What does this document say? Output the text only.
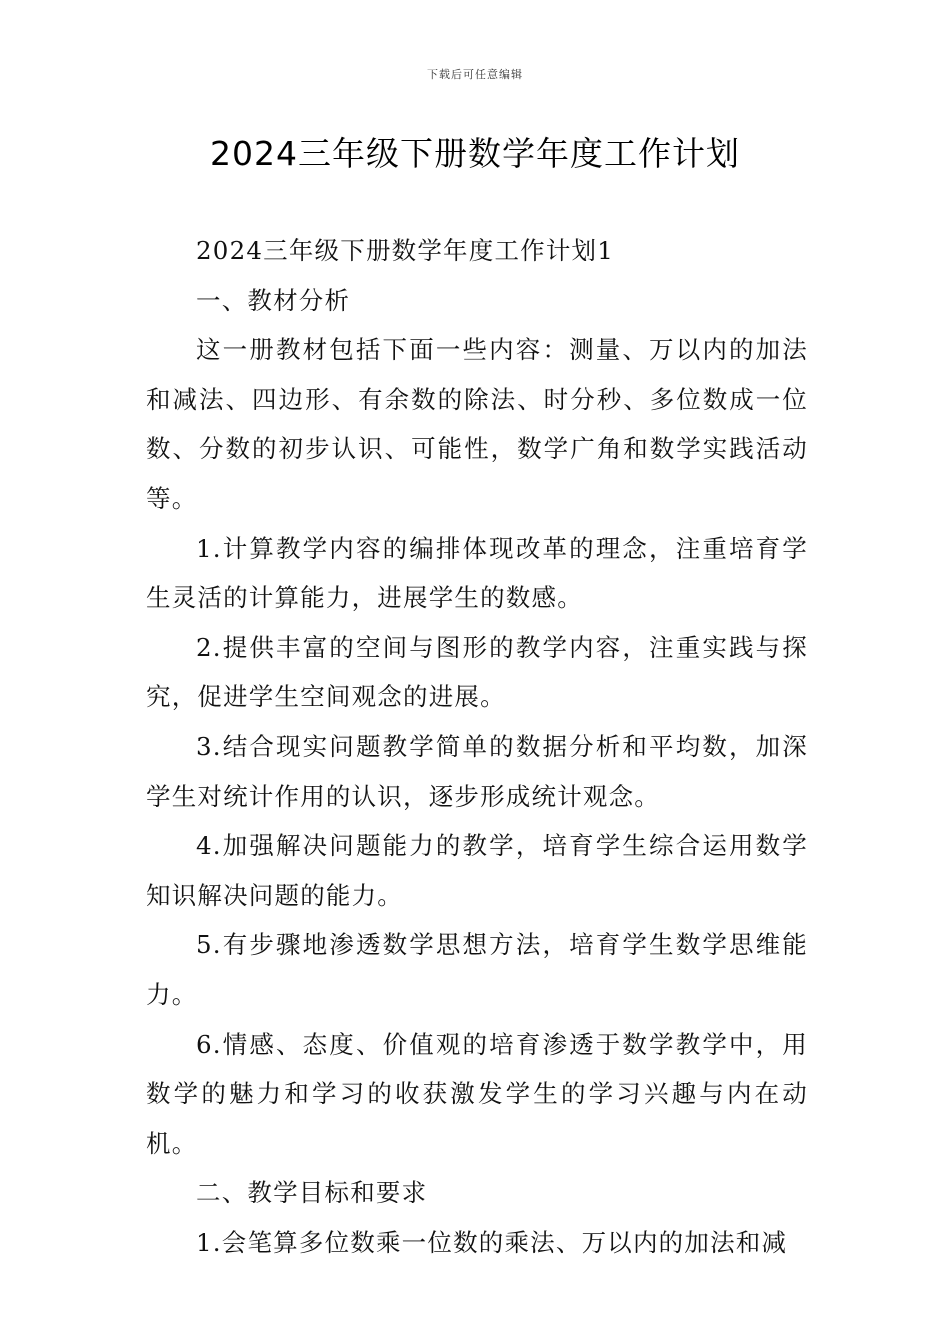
下载后可任意编辑
2024三年级下册数学年度工作计划

2024三年级下册数学年度工作计划1

一、教材分析

这一册教材包括下面一些内容：测量、万以内的加法和减法、四边形、有余数的除法、时分秒、多位数成一位数、分数的初步认识、可能性，数学广角和数学实践活动等。

1.计算教学内容的编排体现改革的理念，注重培育学生灵活的计算能力，进展学生的数感。

2.提供丰富的空间与图形的教学内容，注重实践与探究，促进学生空间观念的进展。

3.结合现实问题教学简单的数据分析和平均数，加深学生对统计作用的认识，逐步形成统计观念。

4.加强解决问题能力的教学，培育学生综合运用数学知识解决问题的能力。

5.有步骤地渗透数学思想方法，培育学生数学思维能力。

6.情感、态度、价值观的培育渗透于数学教学中，用数学的魅力和学习的收获激发学生的学习兴趣与内在动机。

二、教学目标和要求

1.会笔算多位数乘一位数的乘法、万以内的加法和减
